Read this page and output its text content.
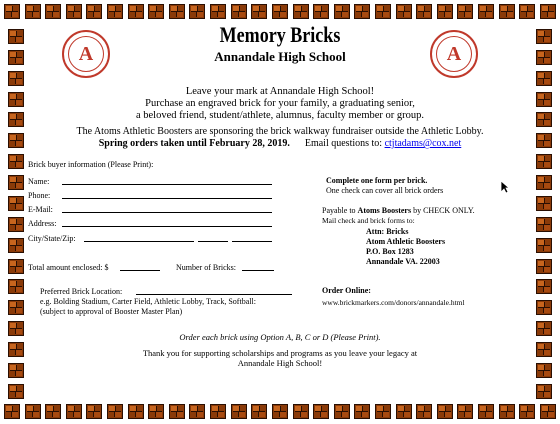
A	A
Memory Bricks
Annandale High School
Leave your mark at Annandale High School!
Purchase an engraved brick for your family, a graduating senior,
a beloved friend, student/athlete, alumnus, faculty member or group.
The Atoms Athletic Boosters are sponsoring the brick walkway fundraiser outside the Athletic Lobby.
Spring orders taken until February 28, 2019. Email questions to: ctjtadams@cox.net
Brick buyer information (Please Print):
Name:
Phone:
E-Mail:
Address:
City/State/Zip:
Total amount enclosed: $	Number of Bricks:
Complete one form per brick.
One check can cover all brick orders
Payable to Atoms Boosters by CHECK ONLY.
Mail check and brick forms to:
Attn: Bricks
Atom Athletic Boosters
P.O. Box 1283
Annandale VA. 22003
Preferred Brick Location:
e.g. Bolding Stadium, Carter Field, Athletic Lobby, Track, Softball:
(subject to approval of Booster Master Plan)
Order Online:
www.brickmarkers.com/donors/annandale.html
Order each brick using Option A, B, C or D (Please Print).
Thank you for supporting scholarships and programs as you leave your legacy at
Annandale High School!
